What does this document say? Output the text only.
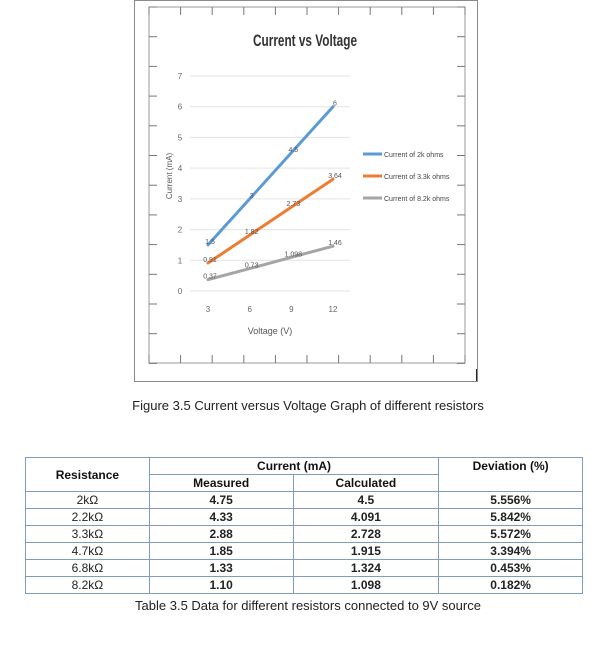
0
1
2
3
4
5
6
7
3	6	9	12
1.5
3
4.5
6
0.91
1.82
2.73
3.64
0.37
0.73
1.098
1.46
Current of 2k ohms
Current of 3.3k ohms
Current of 8.2k ohms
Current vs Voltage
Voltage (V)
Current (mA)
Figure 3.5 Current versus Voltage Graph of different resistors
Resistance	Current (mA)		Deviation (%)
	Measured	Calculated	
2kΩ	4.75	4.5	5.556%
2.2kΩ	4.33	4.091	5.842%
3.3kΩ	2.88	2.728	5.572%
4.7kΩ	1.85	1.915	3.394%
6.8kΩ	1.33	1.324	0.453%
8.2kΩ	1.10	1.098	0.182%
Table 3.5 Data for different resistors connected to 9V source
